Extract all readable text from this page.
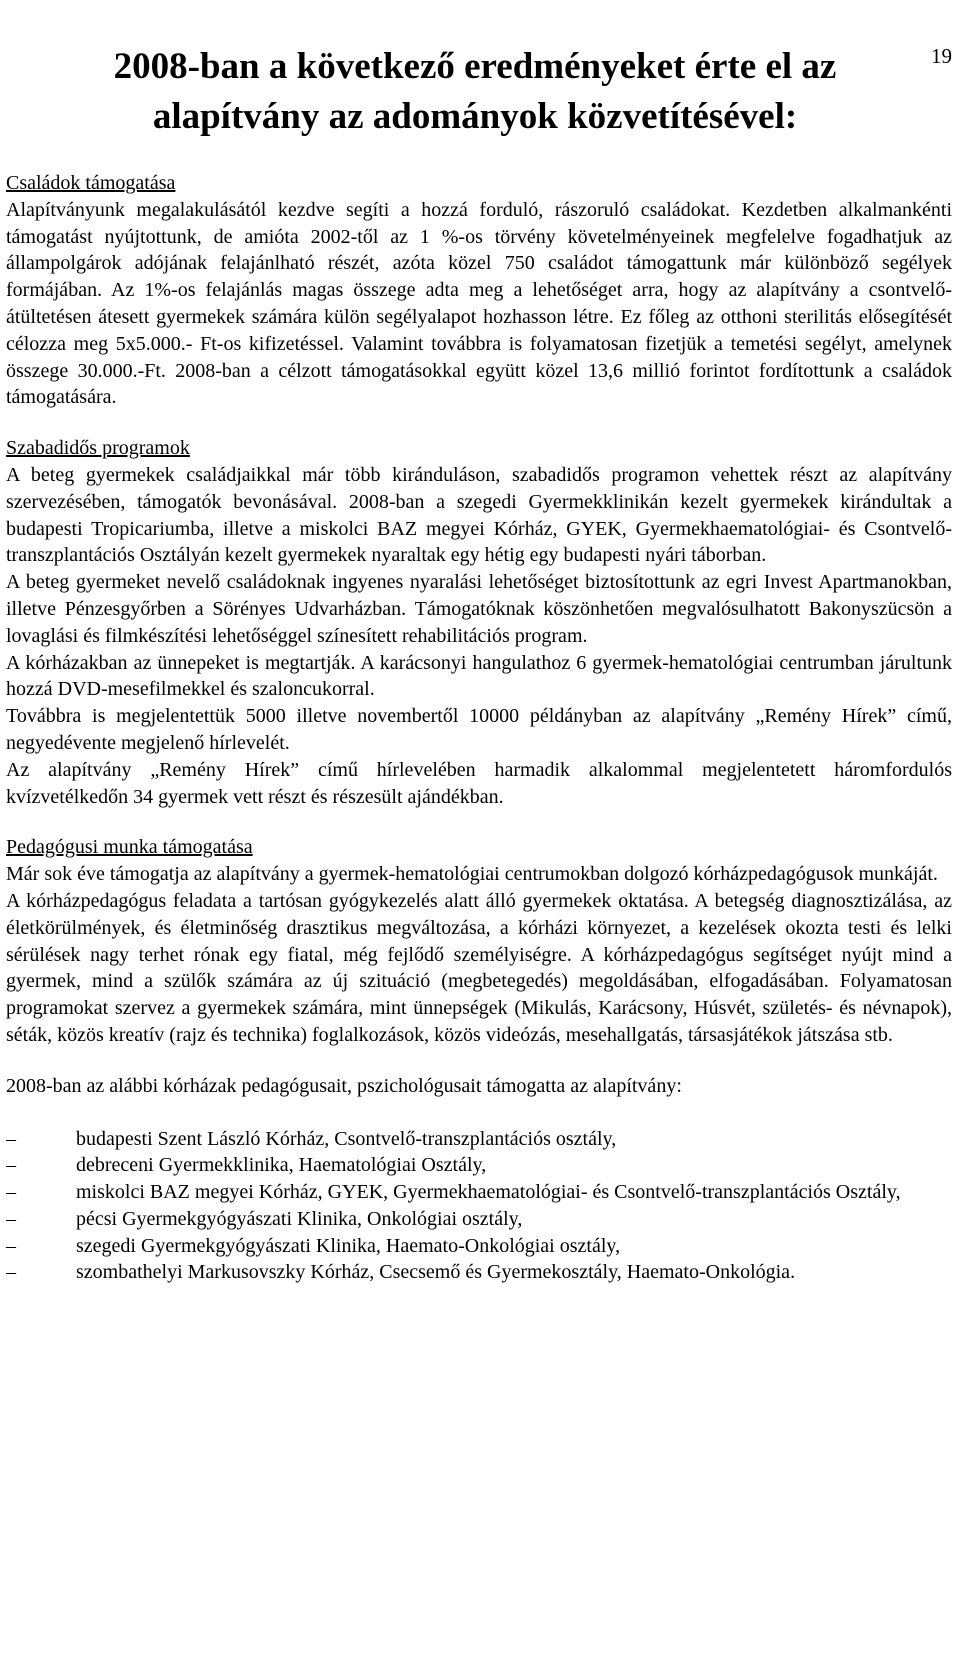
19
2008-ban a következő eredményeket érte el az alapítvány az adományok közvetítésével:
Családok támogatása

Alapítványunk megalakulásától kezdve segíti a hozzá forduló, rászoruló családokat. Kezdetben alkalmankénti támogatást nyújtottunk, de amióta 2002-től az 1 %-os törvény követelményeinek megfelelve fogadhatjuk az állampolgárok adójának felajánlható részét, azóta közel 750 családot támogattunk már különböző segélyek formájában. Az 1%-os felajánlás magas összege adta meg a lehetőséget arra, hogy az alapítvány a csontvelő-átültetésen átesett gyermekek számára külön segélyalapot hozhasson létre. Ez főleg az otthoni sterilitás elősegítését célozza meg 5x5.000.- Ft-os kifizetéssel. Valamint továbbra is folyamatosan fizetjük a temetési segélyt, amelynek összege 30.000.-Ft. 2008-ban a célzott támogatásokkal együtt közel 13,6 millió forintot fordítottunk a családok támogatására.

Szabadidős programok

A beteg gyermekek családjaikkal már több kiránduláson, szabadidős programon vehettek részt az alapítvány szervezésében, támogatók bevonásával. 2008-ban a szegedi Gyermekklinikán kezelt gyermekek kirándultak a budapesti Tropicariumba, illetve a miskolci BAZ megyei Kórház, GYEK, Gyermekhaematológiai- és Csontvelő-transzplantációs Osztályán kezelt gyermekek nyaraltak egy hétig egy budapesti nyári táborban.

A beteg gyermeket nevelő családoknak ingyenes nyaralási lehetőséget biztosítottunk az egri Invest Apartmanokban, illetve Pénzesgyőrben a Sörényes Udvarházban. Támogatóknak köszönhetően megvalósulhatott Bakonyszücsön a lovaglási és filmkészítési lehetőséggel színesített rehabilitációs program.

A kórházakban az ünnepeket is megtartják. A karácsonyi hangulathoz 6 gyermek-hematológiai centrumban járultunk hozzá DVD-mesefilmekkel és szaloncukorral.

Továbbra is megjelentettük 5000 illetve novembertől 10000 példányban az alapítvány „Remény Hírek” című, negyedévente megjelenő hírlevelét.

Az alapítvány „Remény Hírek” című hírlevelében harmadik alkalommal megjelentetett háromfordulós kvízvetélkedőn 34 gyermek vett részt és részesült ajándékban.

Pedagógusi munka támogatása

Már sok éve támogatja az alapítvány a gyermek-hematológiai centrumokban dolgozó kórházpedagógusok munkáját.

A kórházpedagógus feladata a tartósan gyógykezelés alatt álló gyermekek oktatása. A betegség diagnosztizálása, az életkörülmények, és életminőség drasztikus megváltozása, a kórházi környezet, a kezelések okozta testi és lelki sérülések nagy terhet rónak egy fiatal, még fejlődő személyiségre. A kórházpedagógus segítséget nyújt mind a gyermek, mind a szülők számára az új szituáció (megbetegedés) megoldásában, elfogadásában. Folyamatosan programokat szervez a gyermekek számára, mint ünnepségek (Mikulás, Karácsony, Húsvét, születés- és névnapok), séták, közös kreatív (rajz és technika) foglalkozások, közös videózás, mesehallgatás, társasjátékok játszása stb.

2008-ban az alábbi kórházak pedagógusait, pszichológusait támogatta az alapítvány:

–	budapesti Szent László Kórház, Csontvelő-transzplantációs osztály,
–	debreceni Gyermekklinika, Haematológiai Osztály,
–	miskolci BAZ megyei Kórház, GYEK, Gyermekhaematológiai- és Csontvelő-transzplantációs Osztály,
–	pécsi Gyermekgyógyászati Klinika, Onkológiai osztály,
–	szegedi Gyermekgyógyászati Klinika, Haemato-Onkológiai osztály,
–	szombathelyi Markusovszky Kórház, Csecsemő és Gyermekosztály, Haemato-Onkológia.
